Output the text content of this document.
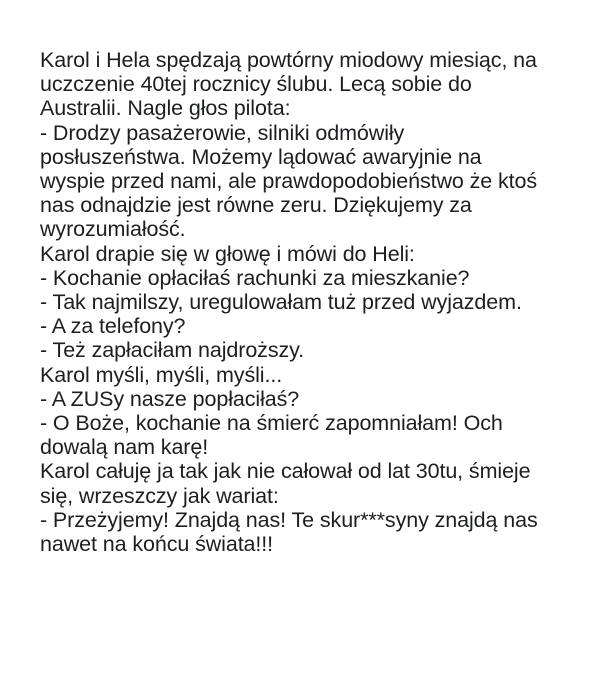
Karol i Hela spędzają powtórny miodowy miesiąc, na
uczczenie 40tej rocznicy ślubu. Lecą sobie do
Australii. Nagle głos pilota:
- Drodzy pasażerowie, silniki odmówiły
posłuszeństwa. Możemy lądować awaryjnie na
wyspie przed nami, ale prawdopodobieństwo że ktoś
nas odnajdzie jest równe zeru. Dziękujemy za
wyrozumiałość.
Karol drapie się w głowę i mówi do Heli:
- Kochanie opłaciłaś rachunki za mieszkanie?
- Tak najmilszy, uregulowałam tuż przed wyjazdem.
- A za telefony?
- Też zapłaciłam najdroższy.
Karol myśli, myśli, myśli...
- A ZUSy nasze popłaciłaś?
- O Boże, kochanie na śmierć zapomniałam! Och
dowalą nam karę!
Karol całuję ja tak jak nie całował od lat 30tu, śmieje
się, wrzeszczy jak wariat:
- Przeżyjemy! Znajdą nas! Te skur***syny znajdą nas
nawet na końcu świata!!!
